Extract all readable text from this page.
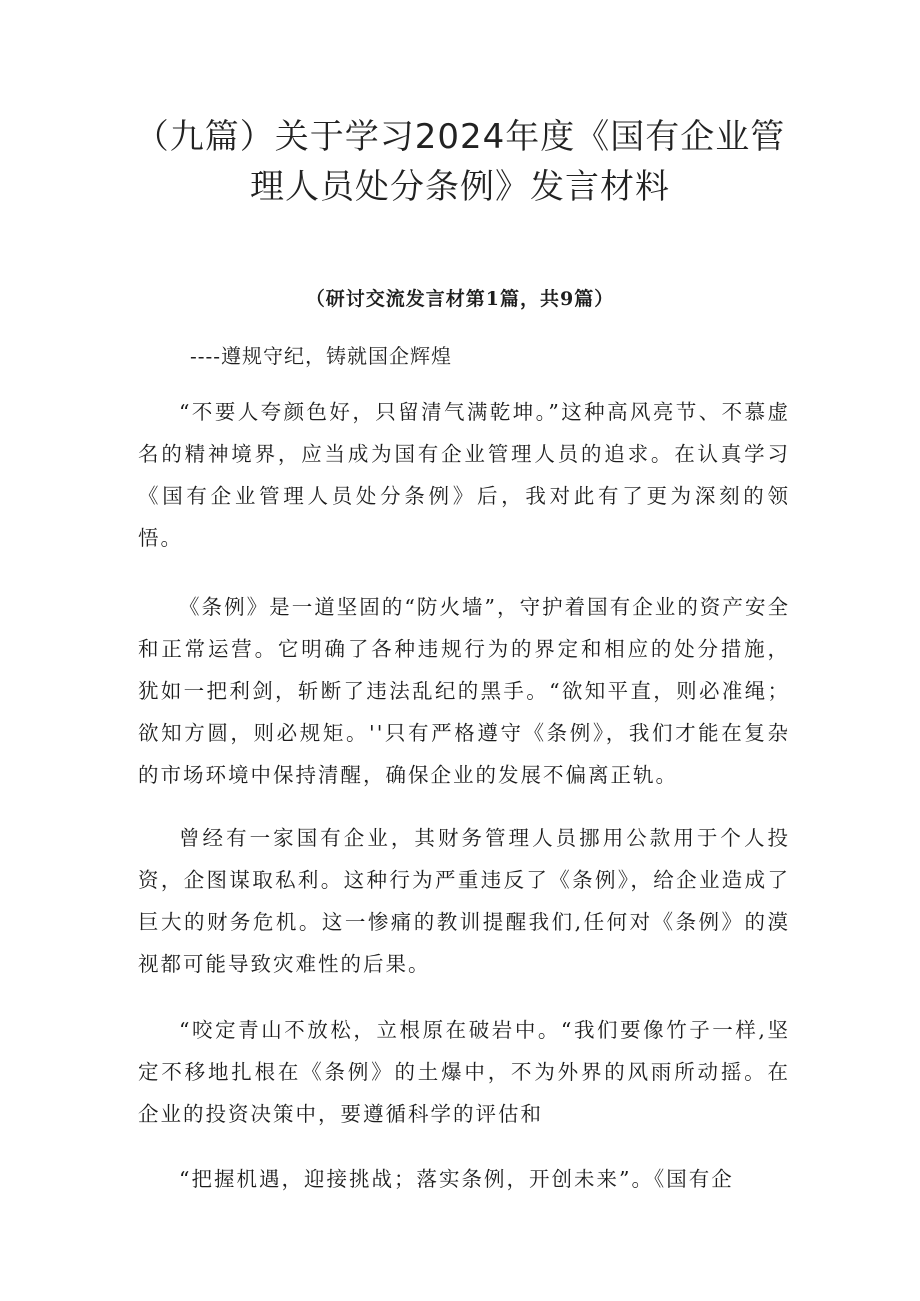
（九篇）关于学习2024年度《国有企业管
理人员处分条例》发言材料
（研讨交流发言材第1篇，共9篇）
----遵规守纪，铸就国企辉煌

“不要人夸颜色好，只留清气满乾坤。”这种高风亮节、不慕虚名的精神境界，应当成为国有企业管理人员的追求。在认真学习《国有企业管理人员处分条例》后，我对此有了更为深刻的领悟。

《条例》是一道坚固的“防火墙”，守护着国有企业的资产安全和正常运营。它明确了各种违规行为的界定和相应的处分措施，犹如一把利剑，斩断了违法乱纪的黑手。“欲知平直，则必准绳；欲知方圆，则必规矩。''只有严格遵守《条例》，我们才能在复杂的市场环境中保持清醒，确保企业的发展不偏离正轨。

曾经有一家国有企业，其财务管理人员挪用公款用于个人投资，企图谋取私利。这种行为严重违反了《条例》，给企业造成了巨大的财务危机。这一惨痛的教训提醒我们,任何对《条例》的漠视都可能导致灾难性的后果。

“咬定青山不放松，立根原在破岩中。“我们要像竹子一样,坚定不移地扎根在《条例》的土爆中，不为外界的风雨所动摇。在企业的投资决策中，要遵循科学的评估和

“把握机遇，迎接挑战；落实条例，开创未来”。《国有企
